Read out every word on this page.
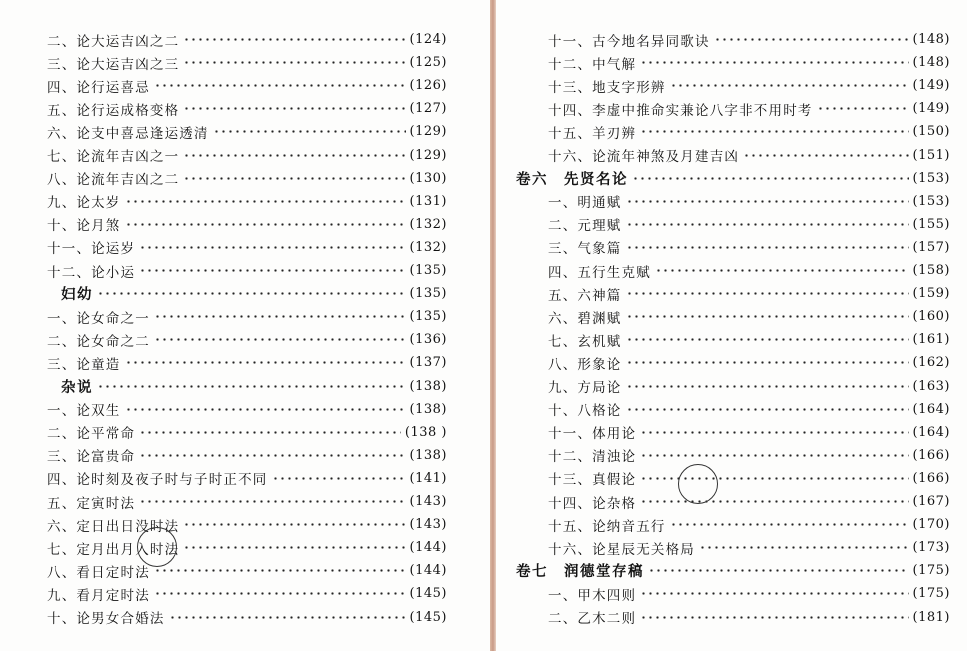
二、论大运吉凶之二	(124)
三、论大运吉凶之三	(125)
四、论行运喜忌	(126)
五、论行运成格变格	(127)
六、论支中喜忌逢运透清	(129)
七、论流年吉凶之一	(129)
八、论流年吉凶之二	(130)
九、论太岁	(131)
十、论月煞	(132)
十一、论运岁	(132)
十二、论小运	(135)
妇幼	(135)
一、论女命之一	(135)
二、论女命之二	(136)
三、论童造	(137)
杂说	(138)
一、论双生	(138)
二、论平常命	(138 )
三、论富贵命	(138)
四、论时刻及夜子时与子时正不同	(141)
五、定寅时法	(143)
六、定日出日没时法	(143)
七、定月出月入时法	(144)
八、看日定时法	(144)
九、看月定时法	(145)
十、论男女合婚法	(145)
十一、古今地名异同歌诀	(148)
十二、中气解	(148)
十三、地支字形辨	(149)
十四、李虚中推命实兼论八字非不用时考	(149)
十五、羊刃辨	(150)
十六、论流年神煞及月建吉凶	(151)
卷六　先贤名论	(153)
一、明通赋	(153)
二、元理赋	(155)
三、气象篇	(157)
四、五行生克赋	(158)
五、六神篇	(159)
六、碧渊赋	(160)
七、玄机赋	(161)
八、形象论	(162)
九、方局论	(163)
十、八格论	(164)
十一、体用论	(164)
十二、清浊论	(166)
十三、真假论	(166)
十四、论杂格	(167)
十五、论纳音五行	(170)
十六、论星辰无关格局	(173)
卷七　润德堂存稿	(175)
一、甲木四则	(175)
二、乙木二则	(181)
